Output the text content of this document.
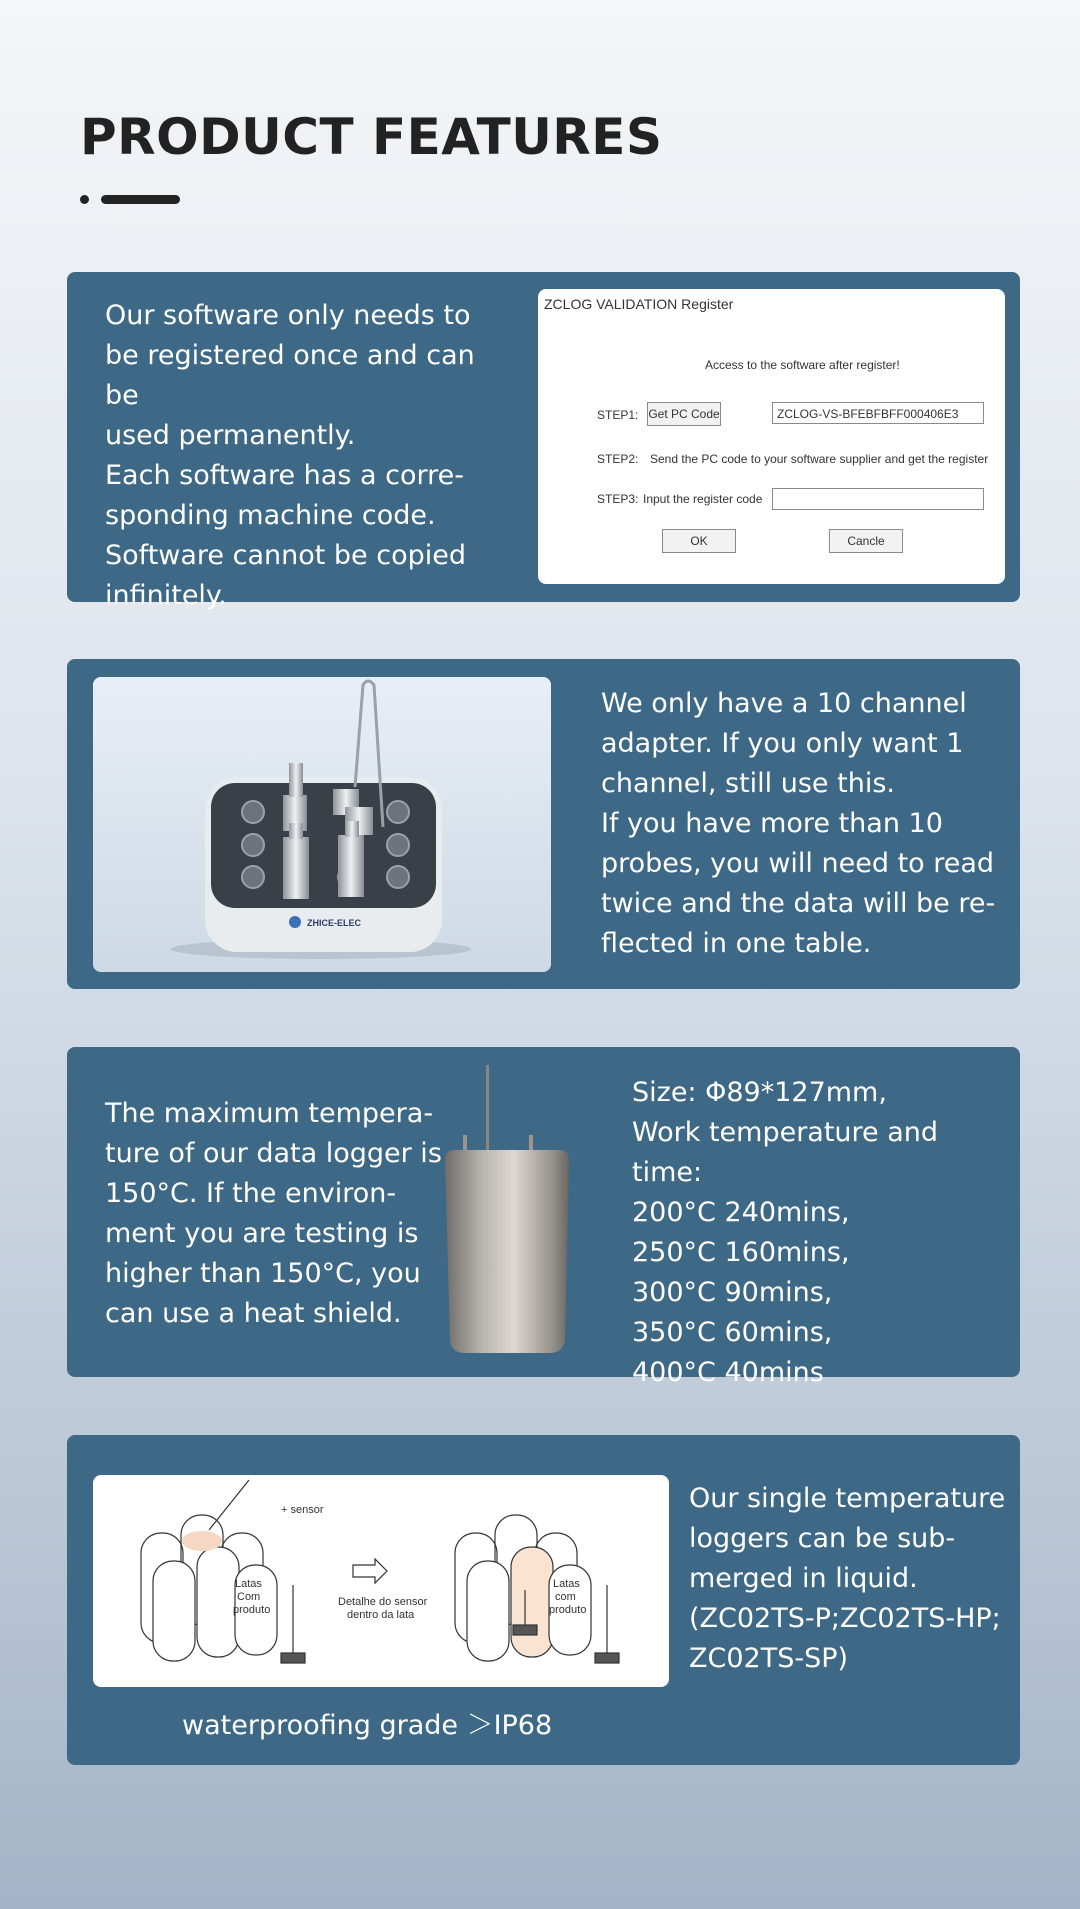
PRODUCT FEATURES
Our software only needs to
be registered once and can be
used permanently.
Each software has a corre-
sponding machine code.
Software cannot be copied
infinitely.
ZCLOG VALIDATION Register
Access to the software after register!
STEP1: Get PC Code	ZCLOG-VS-BFEBFBFF000406E3
STEP2: Send the PC code to your software supplier and get the register
STEP3: Input the register code
OK	Cancle
ZHICE-ELEC
We only have a 10 channel
adapter. If you only want 1
channel, still use this.
If you have more than 10
probes, you will need to read
twice and the data will be re-
flected in one table.
The maximum tempera-
ture of our data logger is
150°C. If the environ-
ment you are testing is
higher than 150°C, you
can use a heat shield.
Size: Φ89*127mm,
Work temperature and time:
200°C 240mins,
250°C 160mins,
300°C 90mins,
350°C 60mins,
400°C 40mins
+ sensor
Latas
Com
produto
Detalhe do sensor
dentro da lata
Latas
com
produto
Our single temperature
loggers can be sub-
merged in liquid.
(ZC02TS-P;ZC02TS-HP;
ZC02TS-SP)
waterproofing grade ＞IP68
